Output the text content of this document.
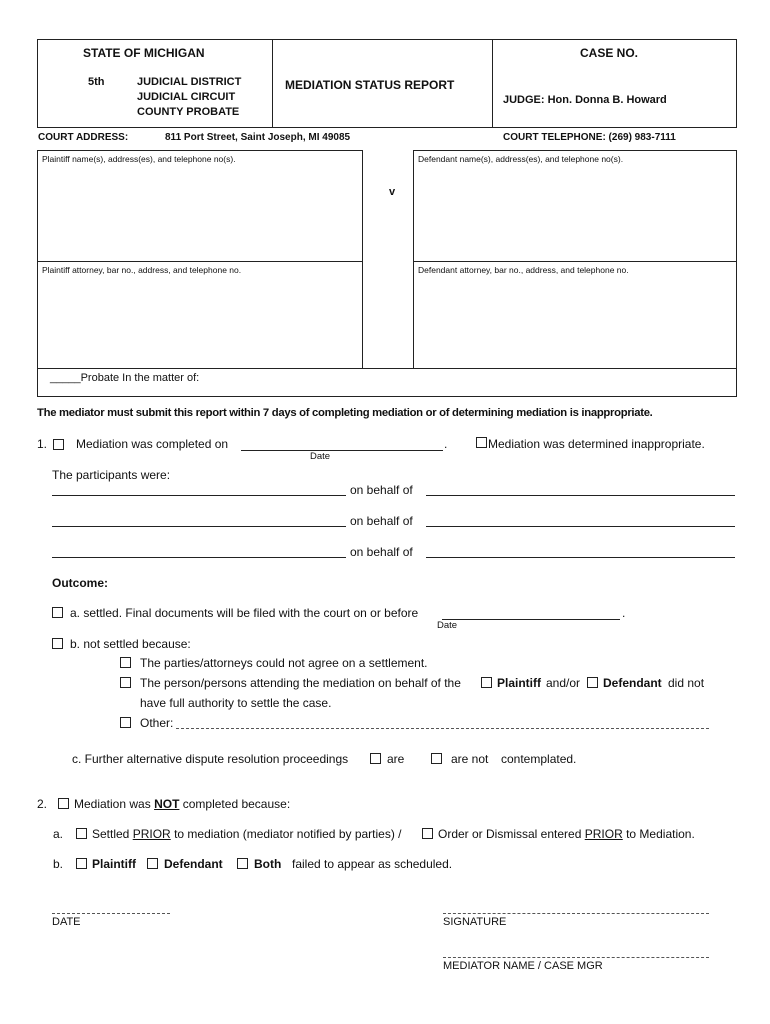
STATE OF MICHIGAN
5th	JUDICIAL DISTRICT
JUDICIAL CIRCUIT
COUNTY PROBATE
MEDIATION STATUS REPORT
CASE NO.
JUDGE: Hon. Donna B. Howard
COURT ADDRESS:	811 Port Street, Saint Joseph, MI 49085	COURT TELEPHONE: (269) 983-7111
Plaintiff name(s), address(es), and telephone no(s).
Plaintiff attorney, bar no., address, and telephone no.
Defendant name(s), address(es), and telephone no(s).
Defendant attorney, bar no., address, and telephone no.
v
_____Probate In the matter of:
The mediator must submit this report within 7 days of completing mediation or of determining mediation is inappropriate.
1. Mediation was completed on	.
Date
Mediation was determined inappropriate.
The participants were:
on behalf of
on behalf of
on behalf of
Outcome:
a. settled. Final documents will be filed with the court on or before	.
Date
b. not settled because:
The parties/attorneys could not agree on a settlement.
The person/persons attending the mediation on behalf of the	Plaintiff and/or Defendant did not
have full authority to settle the case.
Other:
c. Further alternative dispute resolution proceedings	are	are not contemplated.
2. Mediation was NOT completed because:
a. Settled PRIOR to mediation (mediator notified by parties) /	Order or Dismissal entered PRIOR to Mediation.
b. Plaintiff Defendant	Both failed to appear as scheduled.
DATE	SIGNATURE
MEDIATOR NAME / CASE MGR
